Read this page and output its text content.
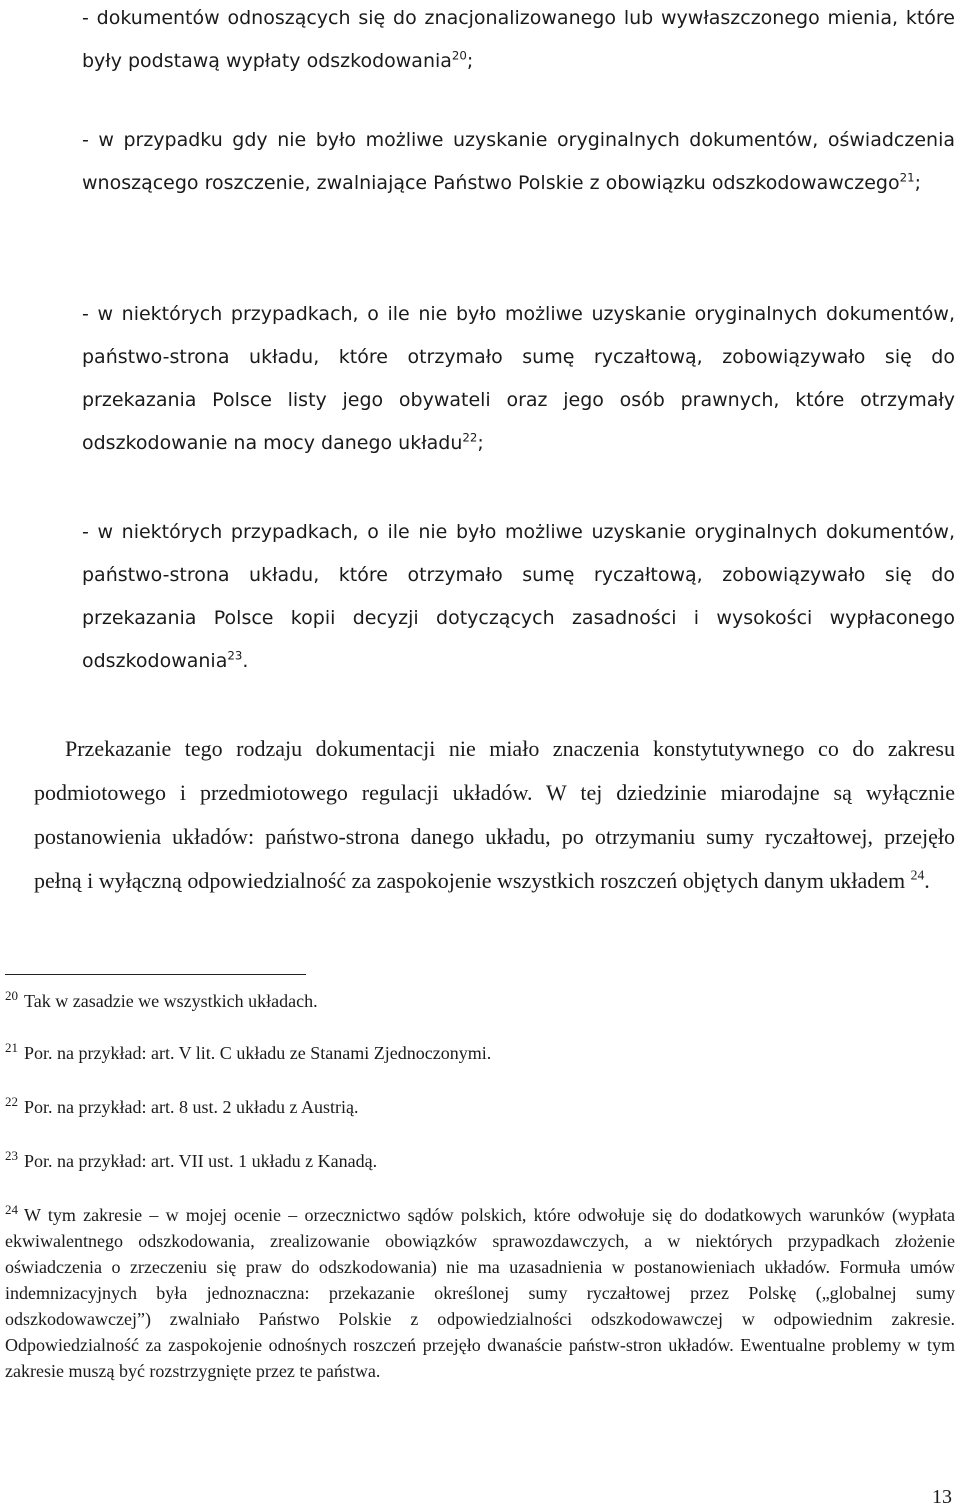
- dokumentów odnoszących się do znacjonalizowanego lub wywłaszczonego mienia, które były podstawą wypłaty odszkodowania$^{20}$;
- w przypadku gdy nie było możliwe uzyskanie oryginalnych dokumentów, oświadczenia wnoszącego roszczenie, zwalniające Państwo Polskie z obowiązku odszkodowawczego$^{21}$;
- w niektórych przypadkach, o ile nie było możliwe uzyskanie oryginalnych dokumentów, państwo-strona układu, które otrzymało sumę ryczałtową, zobowiązywało się do przekazania Polsce listy jego obywateli oraz jego osób prawnych, które otrzymały odszkodowanie na mocy danego układu$^{22}$;
- w niektórych przypadkach, o ile nie było możliwe uzyskanie oryginalnych dokumentów, państwo-strona układu, które otrzymało sumę ryczałtową, zobowiązywało się do przekazania Polsce kopii decyzji dotyczących zasadności i wysokości wypłaconego odszkodowania$^{23}$.
Przekazanie tego rodzaju dokumentacji nie miało znaczenia konstytutywnego co do zakresu podmiotowego i przedmiotowego regulacji układów. W tej dziedzinie miarodajne są wyłącznie postanowienia układów: państwo-strona danego układu, po otrzymaniu sumy ryczałtowej, przejęło pełną i wyłączną odpowiedzialność za zaspokojenie wszystkich roszczeń objętych danym układem $^{24}$.
$^{20}$ Tak w zasadzie we wszystkich układach.
$^{21}$ Por. na przykład: art. V lit. C układu ze Stanami Zjednoczonymi.
$^{22}$ Por. na przykład: art. 8 ust. 2 układu z Austrią.
$^{23}$ Por. na przykład: art. VII ust. 1 układu z Kanadą.
$^{24}$ W tym zakresie – w mojej ocenie – orzecznictwo sądów polskich, które odwołuje się do dodatkowych warunków (wypłata ekwiwalentnego odszkodowania, zrealizowanie obowiązków sprawozdawczych, a w niektórych przypadkach złożenie oświadczenia o zrzeczeniu się praw do odszkodowania) nie ma uzasadnienia w postanowieniach układów. Formuła umów indemnizacyjnych była jednoznaczna: przekazanie określonej sumy ryczałtowej przez Polskę („globalnej sumy odszkodowawczej”) zwalniało Państwo Polskie z odpowiedzialności odszkodowawczej w odpowiednim zakresie. Odpowiedzialność za zaspokojenie odnośnych roszczeń przejęło dwanaście państw-stron układów. Ewentualne problemy w tym zakresie muszą być rozstrzygnięte przez te państwa.
13
